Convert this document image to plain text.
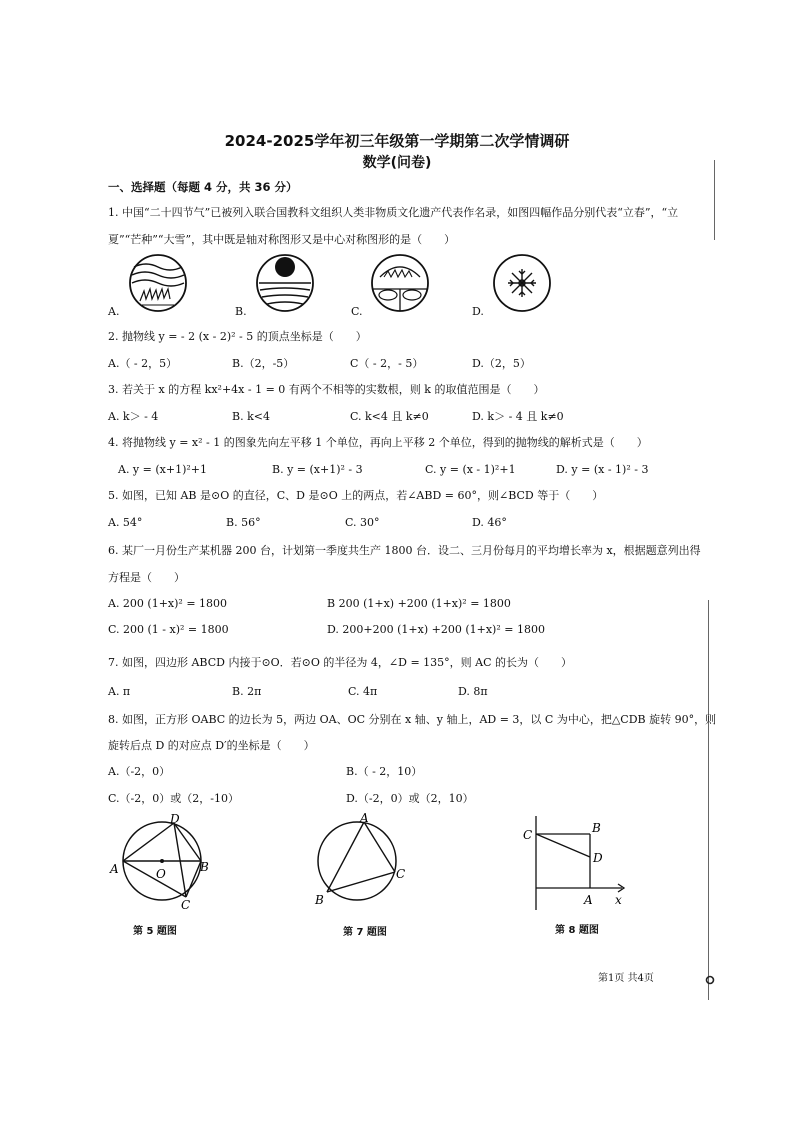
2024-2025学年初三年级第一学期第二次学情调研
数学(问卷)
一、选择题（每题 4 分，共 36 分）
1. 中国“二十四节气”已被列入联合国教科文组织人类非物质文化遗产代表作名录，如图四幅作品分别代表“立春”，“立
夏”“芒种”“大雪”，其中既是轴对称图形又是中心对称图形的是（　　）
A.	B.	C.	D.
2. 抛物线 y = - 2 (x - 2)² - 5 的顶点坐标是（　　）
A.（ - 2，5）	B.（2，-5）	C（ - 2，- 5）	D.（2，5）
3. 若关于 x 的方程 kx²+4x - 1 = 0 有两个不相等的实数根，则 k 的取值范围是（　　）
A. k＞ - 4	B. k<4	C. k<4 且 k≠0	D. k＞ - 4 且 k≠0
4. 将抛物线 y = x² - 1 的图象先向左平移 1 个单位，再向上平移 2 个单位，得到的抛物线的解析式是（　　）
A. y = (x+1)²+1	B. y = (x+1)² - 3	C. y = (x - 1)²+1	D. y = (x - 1)² - 3
5. 如图，已知 AB 是⊙O 的直径，C、D 是⊙O 上的两点，若∠ABD = 60°，则∠BCD 等于（　　）
A. 54°	B. 56°	C. 30°	D. 46°
6. 某厂一月份生产某机器 200 台，计划第一季度共生产 1800 台．设二、三月份每月的平均增长率为 x，根据题意列出得
方程是（　　）
A. 200 (1+x)² = 1800	B 200 (1+x) +200 (1+x)² = 1800
C. 200 (1 - x)² = 1800	D. 200+200 (1+x) +200 (1+x)² = 1800
7. 如图，四边形 ABCD 内接于⊙O．若⊙O 的半径为 4，∠D = 135°，则 AC 的长为（　　）
A. π	B. 2π	C. 4π	D. 8π
8. 如图，正方形 OABC 的边长为 5，两边 OA、OC 分别在 x 轴、y 轴上，AD = 3，以 C 为中心，把△CDB 旋转 90°，则
旋转后点 D 的对应点 D′的坐标是（　　）
A.（-2，0）	B.（ - 2，10）
C.（-2，0）或（2，-10）	D.（-2，0）或（2，10）
D
A	O	B
C
A
B
C
C	B
D
A x
第 5 题图	第 7 题图	第 8 题图
第1页 共4页
